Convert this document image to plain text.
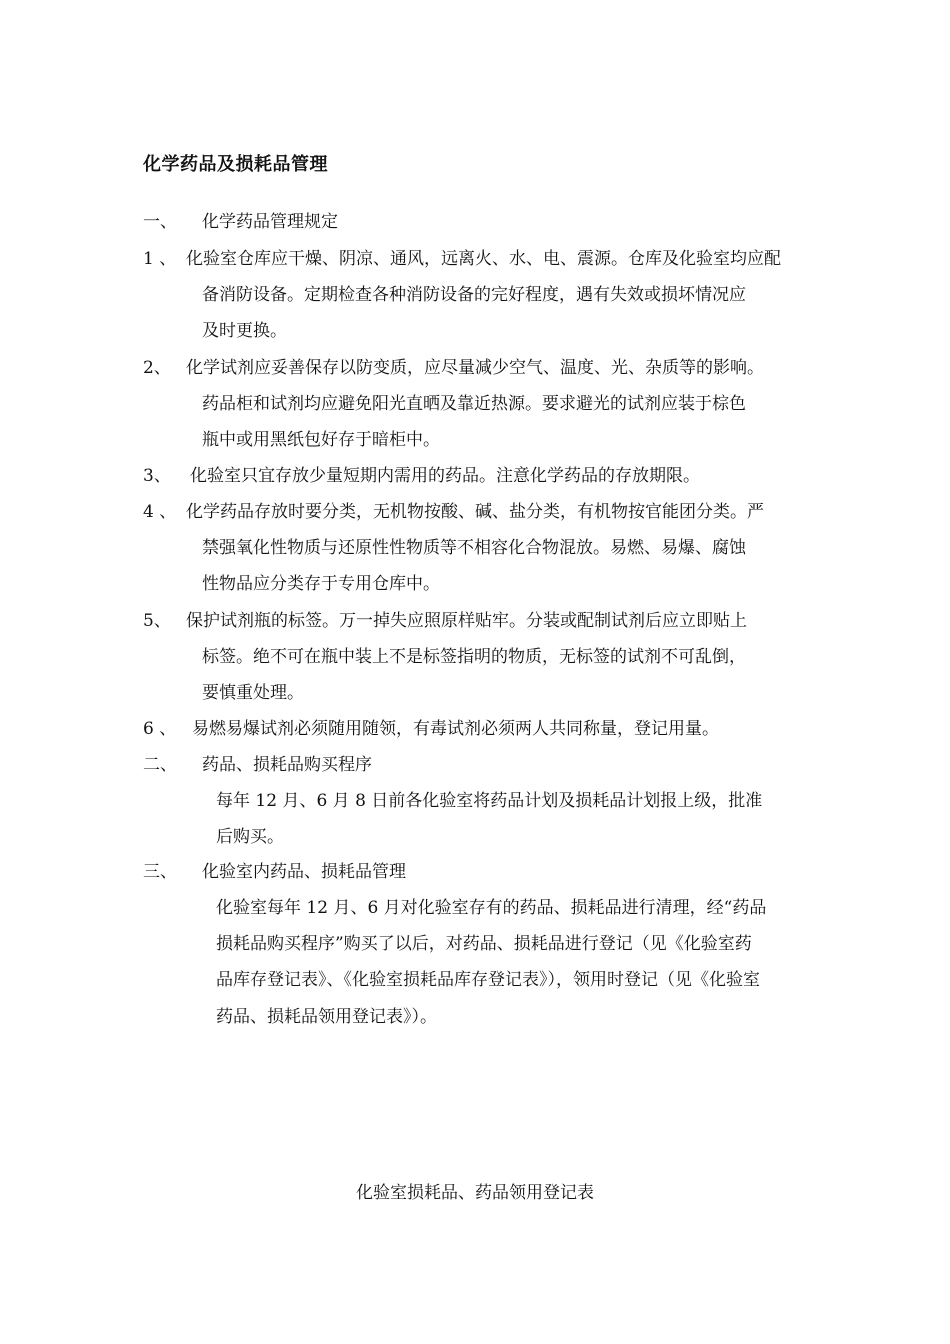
化学药品及损耗品管理
一、 化学药品管理规定
1 、 化验室仓库应干燥、阴凉、通风，远离火、水、电、震源。仓库及化验室均应配
备消防设备。定期检查各种消防设备的完好程度，遇有失效或损坏情况应
及时更换。
2、 化学试剂应妥善保存以防变质，应尽量减少空气、温度、光、杂质等的影响。
药品柜和试剂均应避免阳光直晒及靠近热源。要求避光的试剂应装于棕色
瓶中或用黑纸包好存于暗柜中。
3、 化验室只宜存放少量短期内需用的药品。注意化学药品的存放期限。
4 、 化学药品存放时要分类，无机物按酸、碱、盐分类，有机物按官能团分类。严
禁强氧化性物质与还原性性物质等不相容化合物混放。易燃、易爆、腐蚀
性物品应分类存于专用仓库中。
5、 保护试剂瓶的标签。万一掉失应照原样贴牢。分装或配制试剂后应立即贴上
标签。绝不可在瓶中装上不是标签指明的物质，无标签的试剂不可乱倒，
要慎重处理。
6 、 易燃易爆试剂必须随用随领，有毒试剂必须两人共同称量，登记用量。
二、 药品、损耗品购买程序
每年 12 月、6 月 8 日前各化验室将药品计划及损耗品计划报上级，批准
后购买。
三、 化验室内药品、损耗品管理
化验室每年 12 月、6 月对化验室存有的药品、损耗品进行清理，经“药品
损耗品购买程序”购买了以后，对药品、损耗品进行登记（见《化验室药
品库存登记表》、《化验室损耗品库存登记表》），领用时登记（见《化验室
药品、损耗品领用登记表》）。
化验室损耗品、药品领用登记表
